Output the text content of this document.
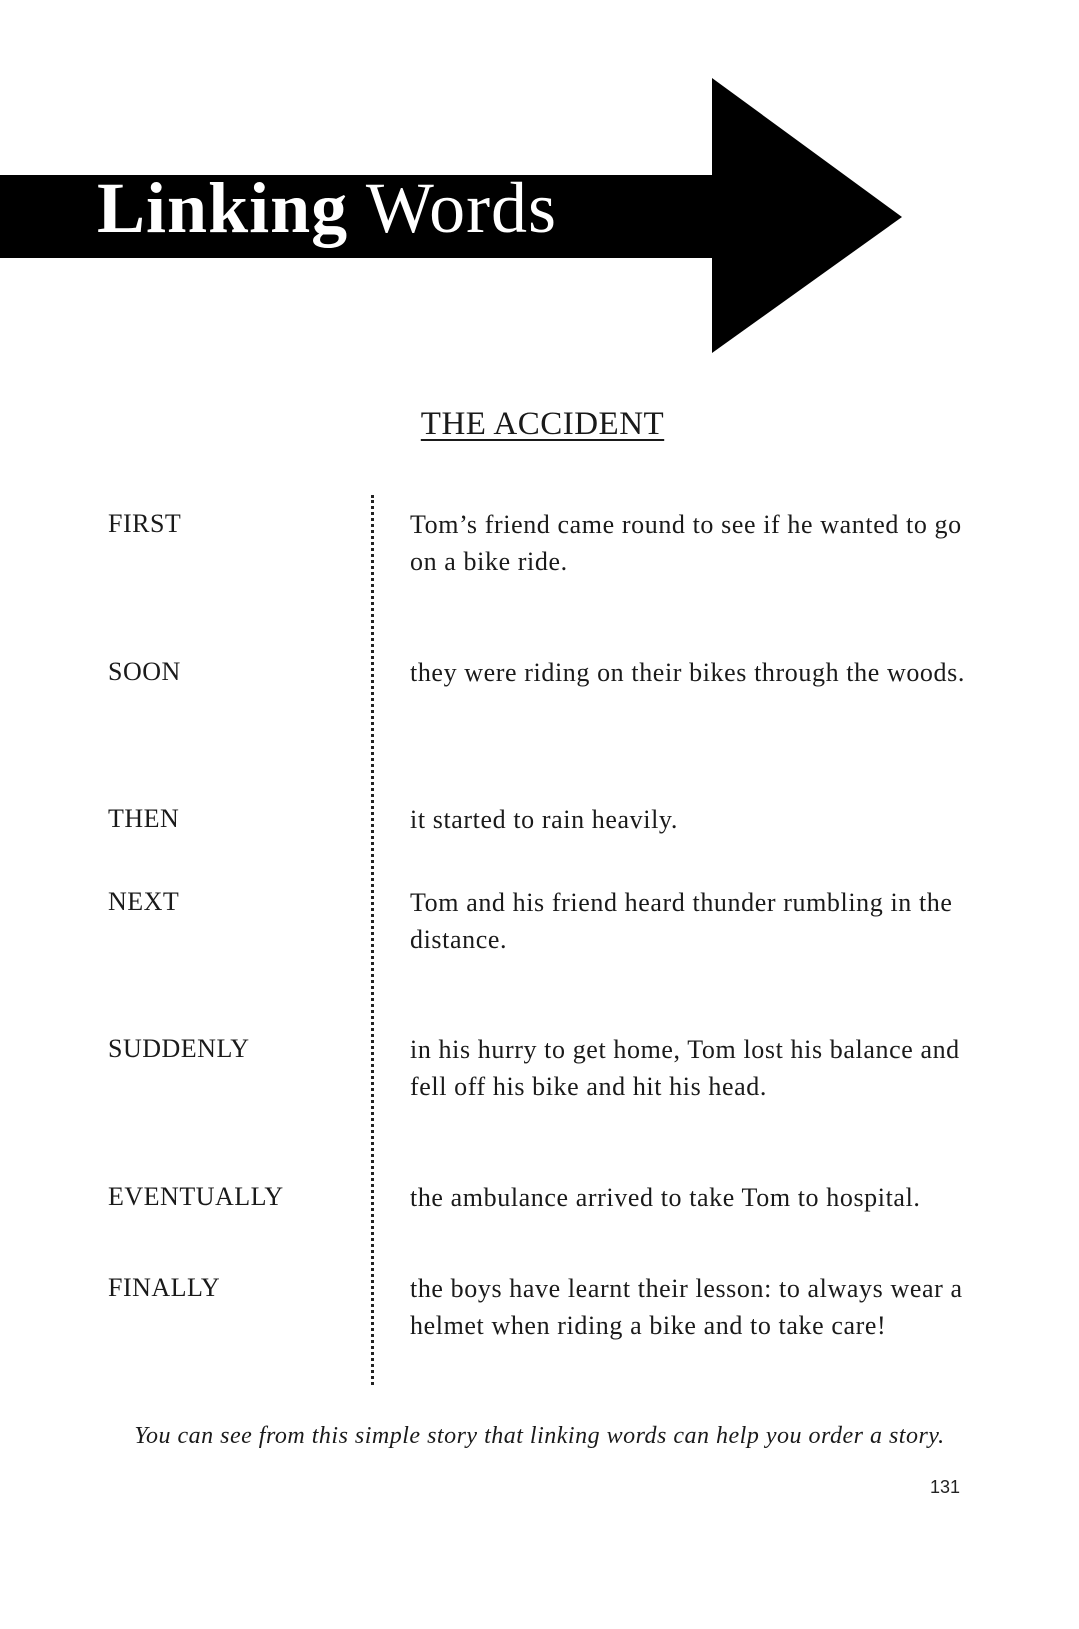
Linking Words
THE ACCIDENT
FIRST	Tom’s friend came round to see if he wanted to go on a bike ride.
SOON	they were riding on their bikes through the woods.
THEN	it started to rain heavily.
NEXT	Tom and his friend heard thunder rumbling in the distance.
SUDDENLY	in his hurry to get home, Tom lost his balance and fell off his bike and hit his head.
EVENTUALLY	the ambulance arrived to take Tom to hospital.
FINALLY	the boys have learnt their lesson: to always wear a helmet when riding a bike and to take care!
You can see from this simple story that linking words can help you order a story.
131
